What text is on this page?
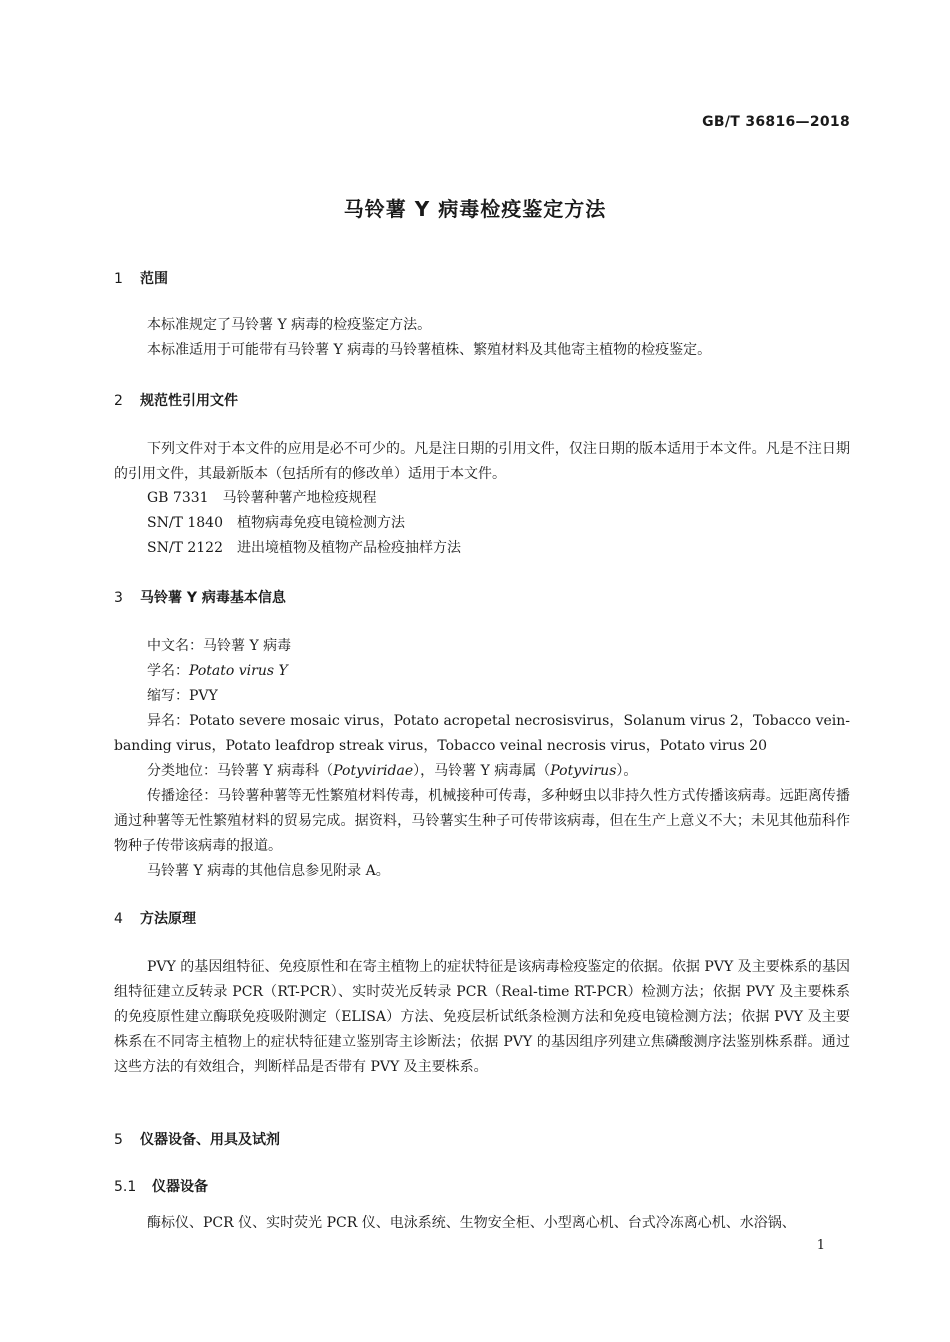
GB/T 36816—2018
马铃薯 Y 病毒检疫鉴定方法
1 范围
本标准规定了马铃薯 Y 病毒的检疫鉴定方法。
本标准适用于可能带有马铃薯 Y 病毒的马铃薯植株、繁殖材料及其他寄主植物的检疫鉴定。
2 规范性引用文件
下列文件对于本文件的应用是必不可少的。凡是注日期的引用文件，仅注日期的版本适用于本文件。凡是不注日期的引用文件，其最新版本（包括所有的修改单）适用于本文件。
GB 7331 马铃薯种薯产地检疫规程
SN/T 1840 植物病毒免疫电镜检测方法
SN/T 2122 进出境植物及植物产品检疫抽样方法
3 马铃薯 Y 病毒基本信息
中文名：马铃薯 Y 病毒
学名：Potato virus Y
缩写：PVY
异名：Potato severe mosaic virus，Potato acropetal necrosisvirus，Solanum virus 2，Tobacco vein-banding virus，Potato leafdrop streak virus，Tobacco veinal necrosis virus，Potato virus 20
分类地位：马铃薯 Y 病毒科（Potyviridae），马铃薯 Y 病毒属（Potyvirus）。
传播途径：马铃薯种薯等无性繁殖材料传毒，机械接种可传毒，多种蚜虫以非持久性方式传播该病毒。远距离传播通过种薯等无性繁殖材料的贸易完成。据资料，马铃薯实生种子可传带该病毒，但在生产上意义不大；未见其他茄科作物种子传带该病毒的报道。
马铃薯 Y 病毒的其他信息参见附录 A。
4 方法原理
PVY 的基因组特征、免疫原性和在寄主植物上的症状特征是该病毒检疫鉴定的依据。依据 PVY 及主要株系的基因组特征建立反转录 PCR（RT-PCR）、实时荧光反转录 PCR（Real-time RT-PCR）检测方法；依据 PVY 及主要株系的免疫原性建立酶联免疫吸附测定（ELISA）方法、免疫层析试纸条检测方法和免疫电镜检测方法；依据 PVY 及主要株系在不同寄主植物上的症状特征建立鉴别寄主诊断法；依据 PVY 的基因组序列建立焦磷酸测序法鉴别株系群。通过这些方法的有效组合，判断样品是否带有 PVY 及主要株系。
5 仪器设备、用具及试剂
5.1 仪器设备
酶标仪、PCR 仪、实时荧光 PCR 仪、电泳系统、生物安全柜、小型离心机、台式冷冻离心机、水浴锅、
1
